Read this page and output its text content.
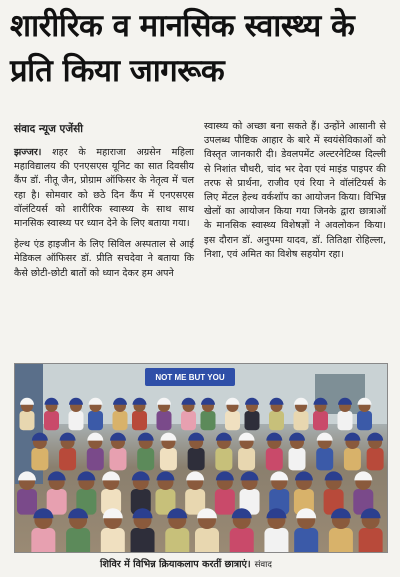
शारीरिक व मानसिक स्वास्थ्य के प्रति किया जागरूक
संवाद न्यूज एजेंसी

झज्जर। शहर के महाराजा अग्रसेन महिला महाविद्यालय की एनएसएस यूनिट का सात दिवसीय कैंप डॉ. नीतू जैन, प्रोग्राम ऑफिसर के नेतृत्व में चल रहा है। सोमवार को छठे दिन कैंप में एनएसएस वॉलंटियर्स को शारीरिक स्वास्थ्य के साथ साथ मानसिक स्वास्थ्य पर ध्यान देने के लिए बताया गया।

हेल्थ एंड हाइजीन के लिए सिविल अस्पताल से आई मेडिकल ऑफिसर डॉ. प्रीति सचदेवा ने बताया कि कैसे छोटी-छोटी बातों को ध्यान देकर हम अपने

स्वास्थ्य को अच्छा बना सकते हैं। उन्होंने आसानी से उपलब्ध पौष्टिक आहार के बारे में स्वयंसेविकाओं को विस्तृत जानकारी दी। डेवलपमेंट अल्टरनेटिव्स दिल्ली से निशांत चौधरी, चांद भर देवा एवं माइंड पाइपर की तरफ से प्रार्थना, राजीव एवं रिया ने वॉलंटियर्स के लिए मेंटल हेल्थ वर्कशॉप का आयोजन किया। विभिन्न खेलों का आयोजन किया गया जिनके द्वारा छात्राओं के मानसिक स्वास्थ्य विशेषज्ञों ने अवलोकन किया। इस दौरान डॉ. अनुपमा यादव, डॉ. तितिक्षा रोहिल्ला, निशा, एवं अमित का विशेष सहयोग रहा।

NOT ME BUT YOU
शिविर में विभिन्न क्रियाकलाप करतीं छात्राएं। संवाद
